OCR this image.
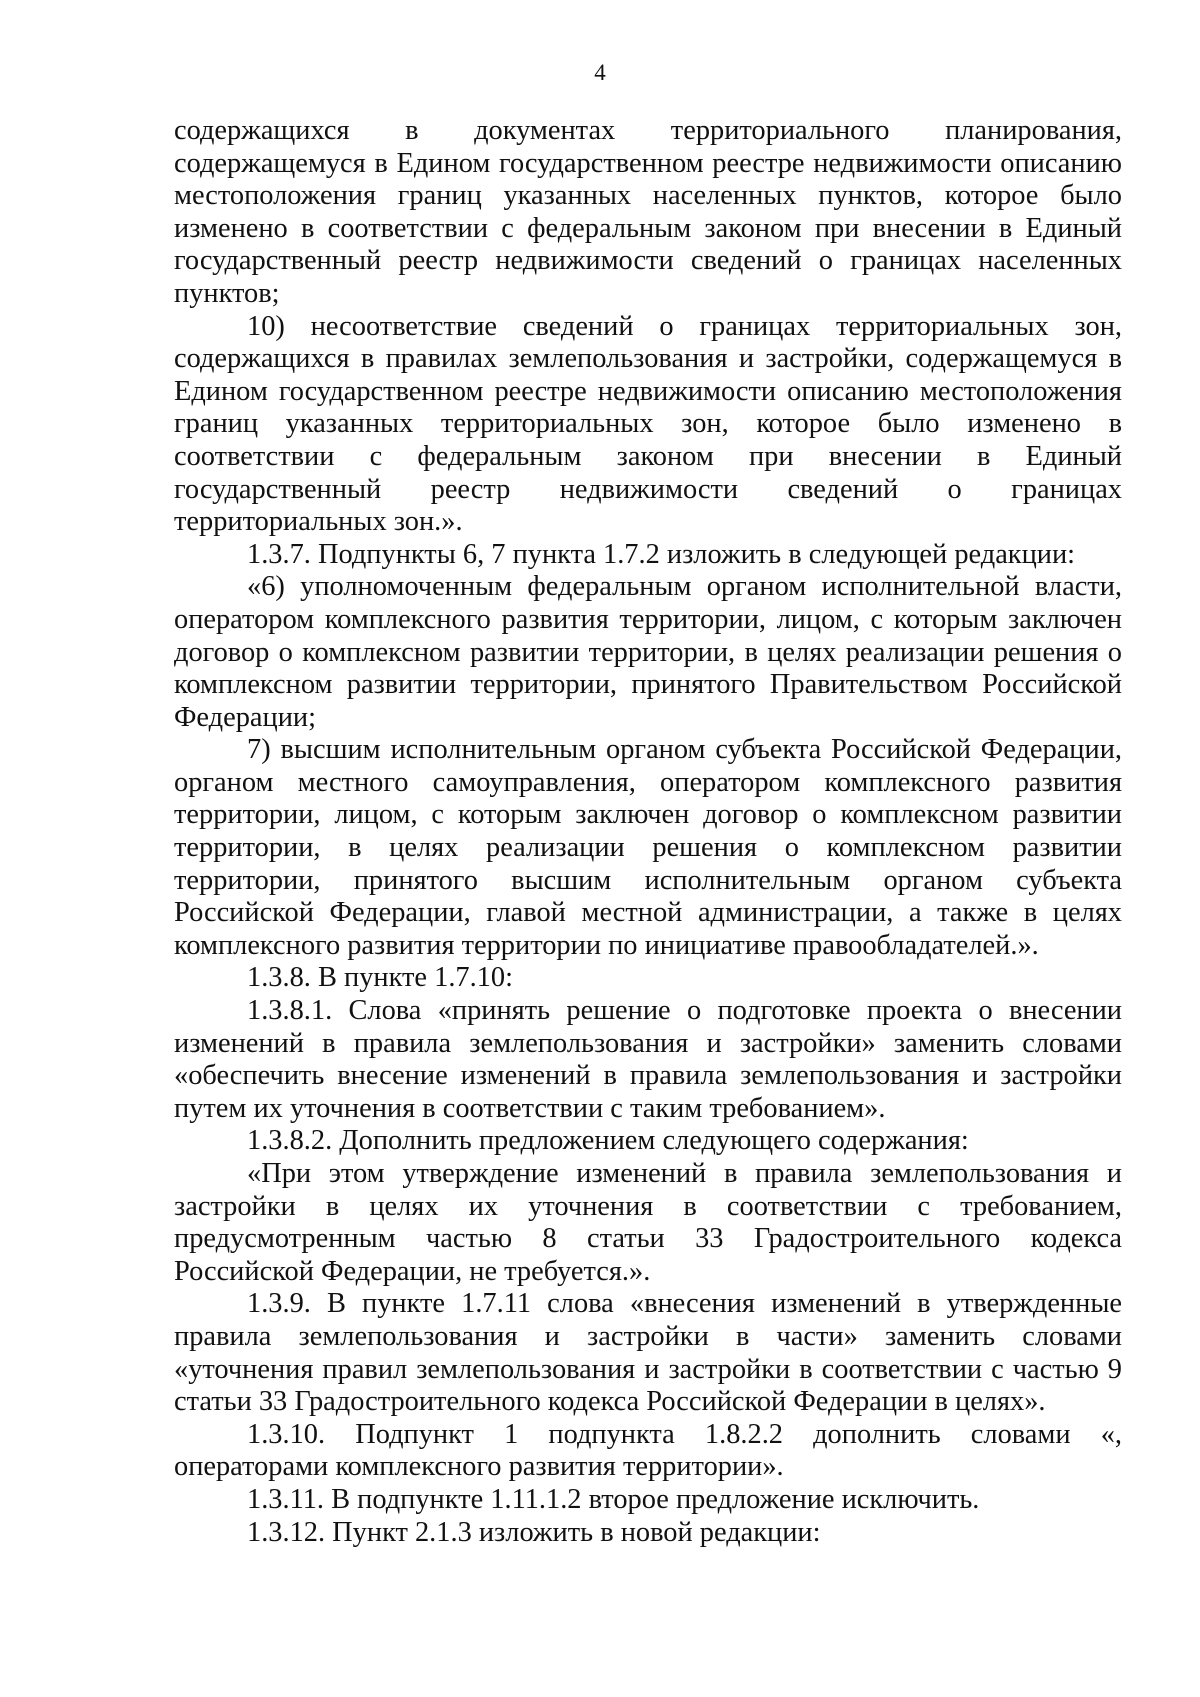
4

содержащихся в документах территориального планирования, содержащемуся в Едином государственном реестре недвижимости описанию местоположения границ указанных населенных пунктов, которое было изменено в соответствии с федеральным законом при внесении в Единый государственный реестр недвижимости сведений о границах населенных пунктов;

10) несоответствие сведений о границах территориальных зон, содержащихся в правилах землепользования и застройки, содержащемуся в Едином государственном реестре недвижимости описанию местоположения границ указанных территориальных зон, которое было изменено в соответствии с федеральным законом при внесении в Единый государственный реестр недвижимости сведений о границах территориальных зон.».

1.3.7. Подпункты 6, 7 пункта 1.7.2 изложить в следующей редакции:

«6) уполномоченным федеральным органом исполнительной власти, оператором комплексного развития территории, лицом, с которым заключен договор о комплексном развитии территории, в целях реализации решения о комплексном развитии территории, принятого Правительством Российской Федерации;

7) высшим исполнительным органом субъекта Российской Федерации, органом местного самоуправления, оператором комплексного развития территории, лицом, с которым заключен договор о комплексном развитии территории, в целях реализации решения о комплексном развитии территории, принятого высшим исполнительным органом субъекта Российской Федерации, главой местной администрации, а также в целях комплексного развития территории по инициативе правообладателей.».

1.3.8. В пункте 1.7.10:

1.3.8.1. Слова «принять решение о подготовке проекта о внесении изменений в правила землепользования и застройки» заменить словами «обеспечить внесение изменений в правила землепользования и застройки путем их уточнения в соответствии с таким требованием».

1.3.8.2. Дополнить предложением следующего содержания:

«При этом утверждение изменений в правила землепользования и застройки в целях их уточнения в соответствии с требованием, предусмотренным частью 8 статьи 33 Градостроительного кодекса Российской Федерации, не требуется.».

1.3.9. В пункте 1.7.11 слова «внесения изменений в утвержденные правила землепользования и застройки в части» заменить словами «уточнения правил землепользования и застройки в соответствии с частью 9 статьи 33 Градостроительного кодекса Российской Федерации в целях».

1.3.10. Подпункт 1 подпункта 1.8.2.2 дополнить словами «, операторами комплексного развития территории».

1.3.11. В подпункте 1.11.1.2 второе предложение исключить.

1.3.12. Пункт 2.1.3 изложить в новой редакции:
